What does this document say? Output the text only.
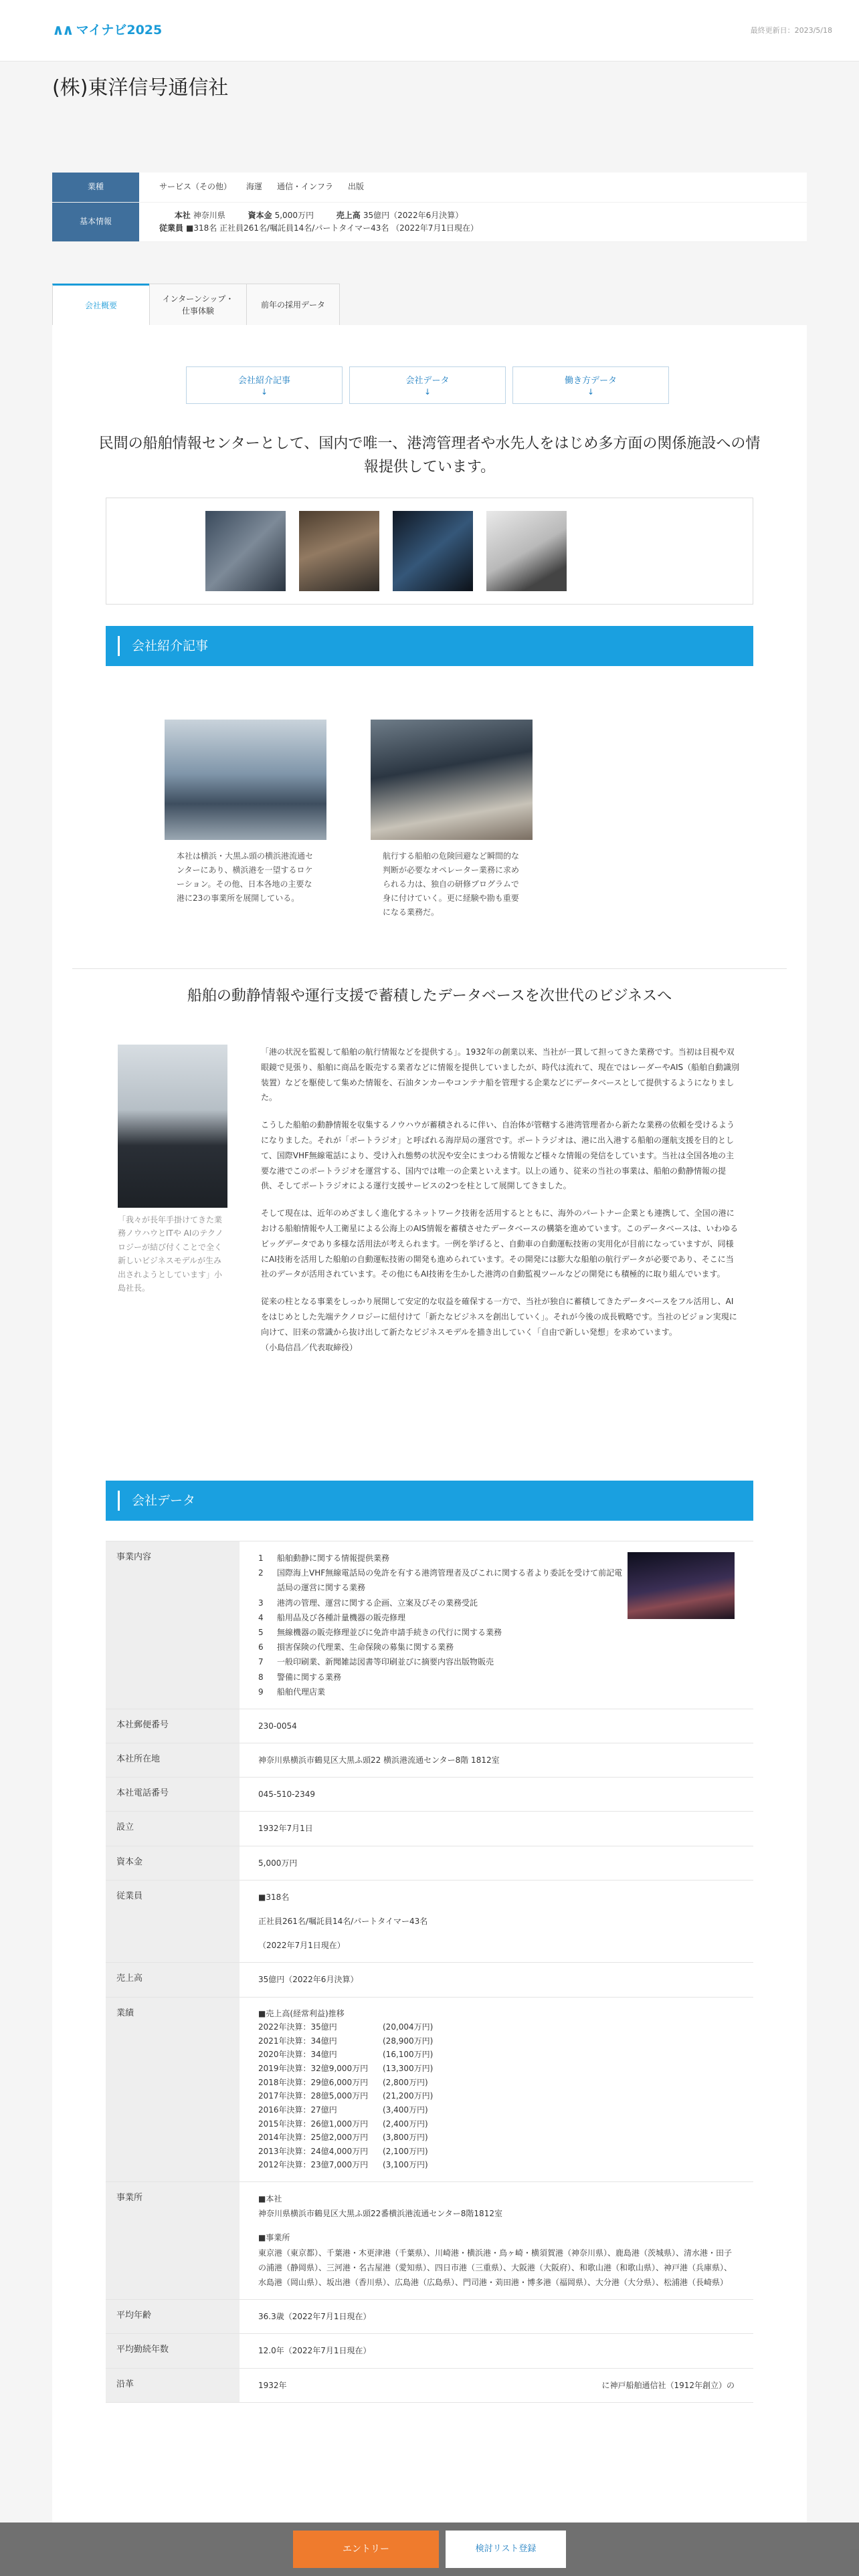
∧∧ マイナビ2025	最終更新日：2023/5/18
(株)東洋信号通信社
業種	サービス（その他） 海運 通信・インフラ 出版
基本情報
本社 神奈川県	資本金 5,000万円	売上高 35億円（2022年6月決算）
従業員 ■318名 正社員261名/嘱託員14名/パートタイマー43名 （2022年7月1日現在）
会社概要
インターンシップ・
仕事体験
前年の採用データ
会社紹介記事
↓
会社データ
↓
働き方データ
↓
民間の船舶情報センターとして、国内で唯一、港湾管理者や水先人をはじめ多方面の関係施設への情報提供しています。
会社紹介記事
本社は横浜・大黒ふ頭の横浜港流通センターにあり、横浜港を一望するロケーション。その他、日本各地の主要な港に23の事業所を展開している。
航行する船舶の危険回避など瞬間的な判断が必要なオペレーター業務に求められる力は、独自の研修プログラムで身に付けていく。更に経験や勘も重要になる業務だ。
船舶の動静情報や運行支援で蓄積したデータベースを次世代のビジネスへ
「我々が長年手掛けてきた業務ノウハウとITや AIのテクノロジーが結び付くことで全く新しいビジネスモデルが生み出されようとしています」小島社長。

「港の状況を監視して船舶の航行情報などを提供する」。1932年の創業以来、当社が一貫して担ってきた業務です。当初は目視や双眼鏡で見張り、船舶に商品を販売する業者などに情報を提供していましたが、時代は流れて、現在ではレーダーやAIS（船舶自動識別装置）などを駆使して集めた情報を、石油タンカーやコンテナ船を管理する企業などにデータベースとして提供するようになりました。

こうした船舶の動静情報を収集するノウハウが蓄積されるに伴い、自治体が管轄する港湾管理者から新たな業務の依頼を受けるようになりました。それが「ポートラジオ」と呼ばれる海岸局の運営です。ポートラジオは、港に出入港する船舶の運航支援を目的として、国際VHF無線電話により、受け入れ態勢の状況や安全にまつわる情報など様々な情報の発信をしています。当社は全国各地の主要な港でこのポートラジオを運営する、国内では唯一の企業といえます。以上の通り、従来の当社の事業は、船舶の動静情報の提供、そしてポートラジオによる運行支援サービスの2つを柱として展開してきました。

そして現在は、近年のめざましく進化するネットワーク技術を活用するとともに、海外のパートナー企業とも連携して、全国の港における船舶情報や人工衛星による公海上のAIS情報を蓄積させたデータベースの構築を進めています。このデータベースは、いわゆるビッグデータであり多様な活用法が考えられます。一例を挙げると、自動車の自動運転技術の実用化が目前になっていますが、同様にAI技術を活用した船舶の自動運転技術の開発も進められています。その開発には膨大な船舶の航行データが必要であり、そこに当社のデータが活用されています。その他にもAI技術を生かした港湾の自動監視ツールなどの開発にも積極的に取り組んでいます。

従来の柱となる事業をしっかり展開して安定的な収益を確保する一方で、当社が独自に蓄積してきたデータベースをフル活用し、AIをはじめとした先端テクノロジーに紐付けて「新たなビジネスを創出していく」。それが今後の成長戦略です。当社のビジョン実現に向けて、旧来の常識から抜け出して新たなビジネスモデルを描き出していく「自由で新しい発想」を求めています。
（小島信昌／代表取締役）

会社データ
事業内容	1	船舶動静に関する情報提供業務
2	国際海上VHF無線電話局の免許を有する港湾管理者及びこれに関する者より委託を受けて前記電話局の運営に関する業務
3	港湾の管理、運営に関する企画、立案及びその業務受託
4	船用品及び各種計量機器の販売修理
5	無線機器の販売修理並びに免許申請手続きの代行に関する業務
6	損害保険の代理業、生命保険の募集に関する業務
7	一般印刷業、新聞雑誌図書等印刷並びに摘要内容出版物販売
8	警備に関する業務
9	船舶代理店業
本社郵便番号	230-0054
本社所在地	神奈川県横浜市鶴見区大黒ふ頭22 横浜港流通センター8階 1812室
本社電話番号	045-510-2349
設立	1932年7月1日
資本金	5,000万円
従業員	■318名
正社員261名/嘱託員14名/パートタイマー43名
（2022年7月1日現在）
売上高	35億円（2022年6月決算）
業績	■売上高(経常利益)推移
2022年決算：35億円	(20,004万円)
2021年決算：34億円	(28,900万円)
2020年決算：34億円	(16,100万円)
2019年決算：32億9,000万円	(13,300万円)
2018年決算：29億6,000万円	(2,800万円)
2017年決算：28億5,000万円	(21,200万円)
2016年決算：27億円	(3,400万円)
2015年決算：26億1,000万円	(2,400万円)
2014年決算：25億2,000万円	(3,800万円)
2013年決算：24億4,000万円	(2,100万円)
2012年決算：23億7,000万円	(3,100万円)
事業所	■本社
神奈川県横浜市鶴見区大黒ふ頭22番横浜港流通センター8階1812室
■事業所
東京港（東京都）、千葉港・木更津港（千葉県）、川崎港・横浜港・鳥ヶ崎・横須賀港（神奈川県）、鹿島港（茨城県）、清水港・田子の浦港（静岡県）、三河港・名古屋港（愛知県）、四日市港（三重県）、大阪港（大阪府）、和歌山港（和歌山県）、神戸港（兵庫県）、水島港（岡山県）、坂出港（香川県）、広島港（広島県）、門司港・苅田港・博多港（福岡県）、大分港（大分県）、松浦港（長崎県）
平均年齢	36.3歳（2022年7月1日現在）
平均勤続年数	12.0年（2022年7月1日現在）
沿革	1932年	に神戸船舶通信社（1912年創立）の
エントリー	検討リスト登録
